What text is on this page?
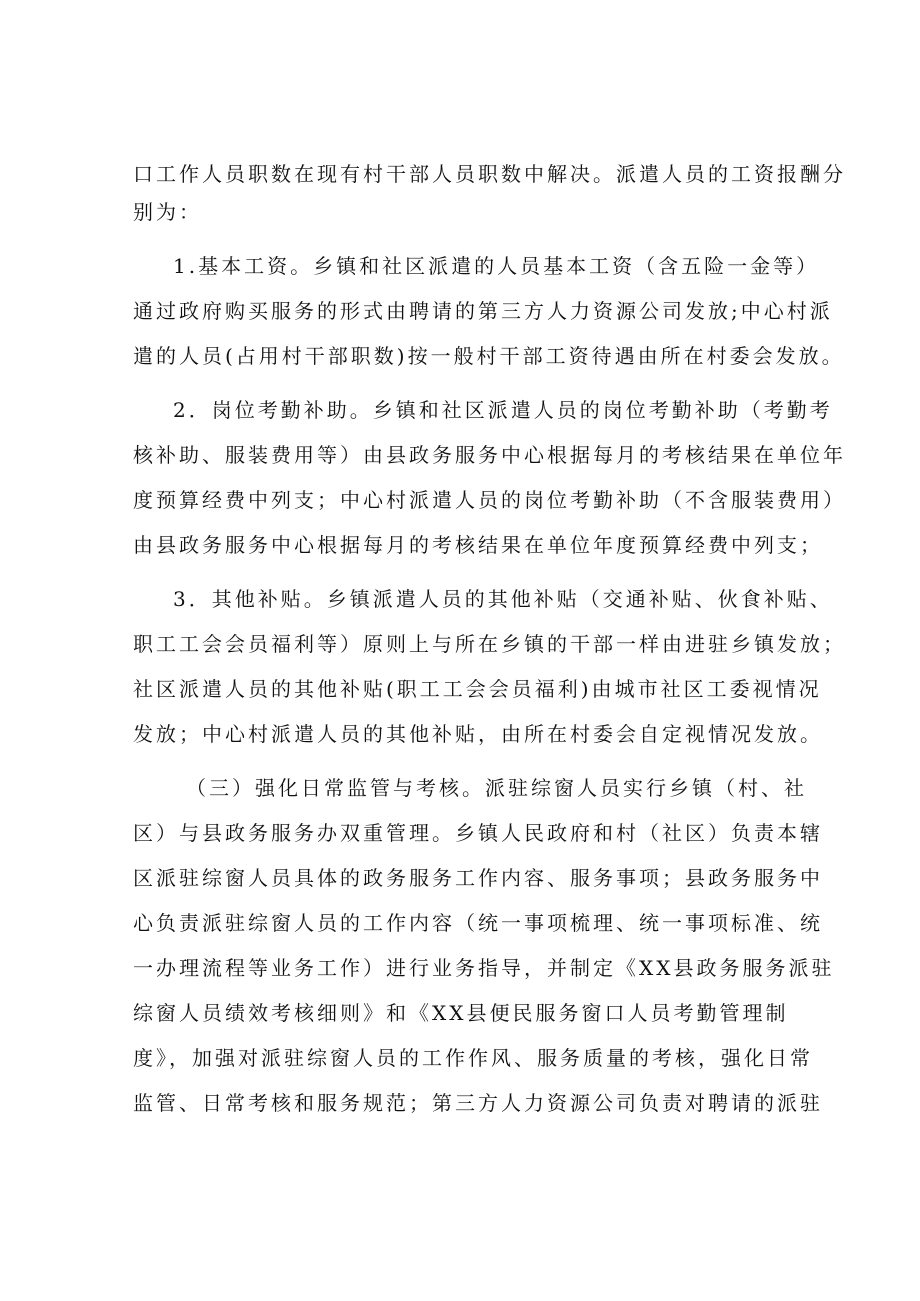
口工作人员职数在现有村干部人员职数中解决。派遣人员的工资报酬分
别为：
1.基本工资。乡镇和社区派遣的人员基本工资（含五险一金等）
通过政府购买服务的形式由聘请的第三方人力资源公司发放;中心村派
遣的人员(占用村干部职数)按一般村干部工资待遇由所在村委会发放。
2．岗位考勤补助。乡镇和社区派遣人员的岗位考勤补助（考勤考
核补助、服装费用等）由县政务服务中心根据每月的考核结果在单位年
度预算经费中列支；中心村派遣人员的岗位考勤补助（不含服装费用）
由县政务服务中心根据每月的考核结果在单位年度预算经费中列支；
3．其他补贴。乡镇派遣人员的其他补贴（交通补贴、伙食补贴、
职工工会会员福利等）原则上与所在乡镇的干部一样由进驻乡镇发放；
社区派遣人员的其他补贴(职工工会会员福利)由城市社区工委视情况
发放；中心村派遣人员的其他补贴，由所在村委会自定视情况发放。
（三）强化日常监管与考核。派驻综窗人员实行乡镇（村、社
区）与县政务服务办双重管理。乡镇人民政府和村（社区）负责本辖
区派驻综窗人员具体的政务服务工作内容、服务事项；县政务服务中
心负责派驻综窗人员的工作内容（统一事项梳理、统一事项标准、统
一办理流程等业务工作）进行业务指导，并制定《XX县政务服务派驻
综窗人员绩效考核细则》和《XX县便民服务窗口人员考勤管理制
度》，加强对派驻综窗人员的工作作风、服务质量的考核，强化日常
监管、日常考核和服务规范；第三方人力资源公司负责对聘请的派驻
